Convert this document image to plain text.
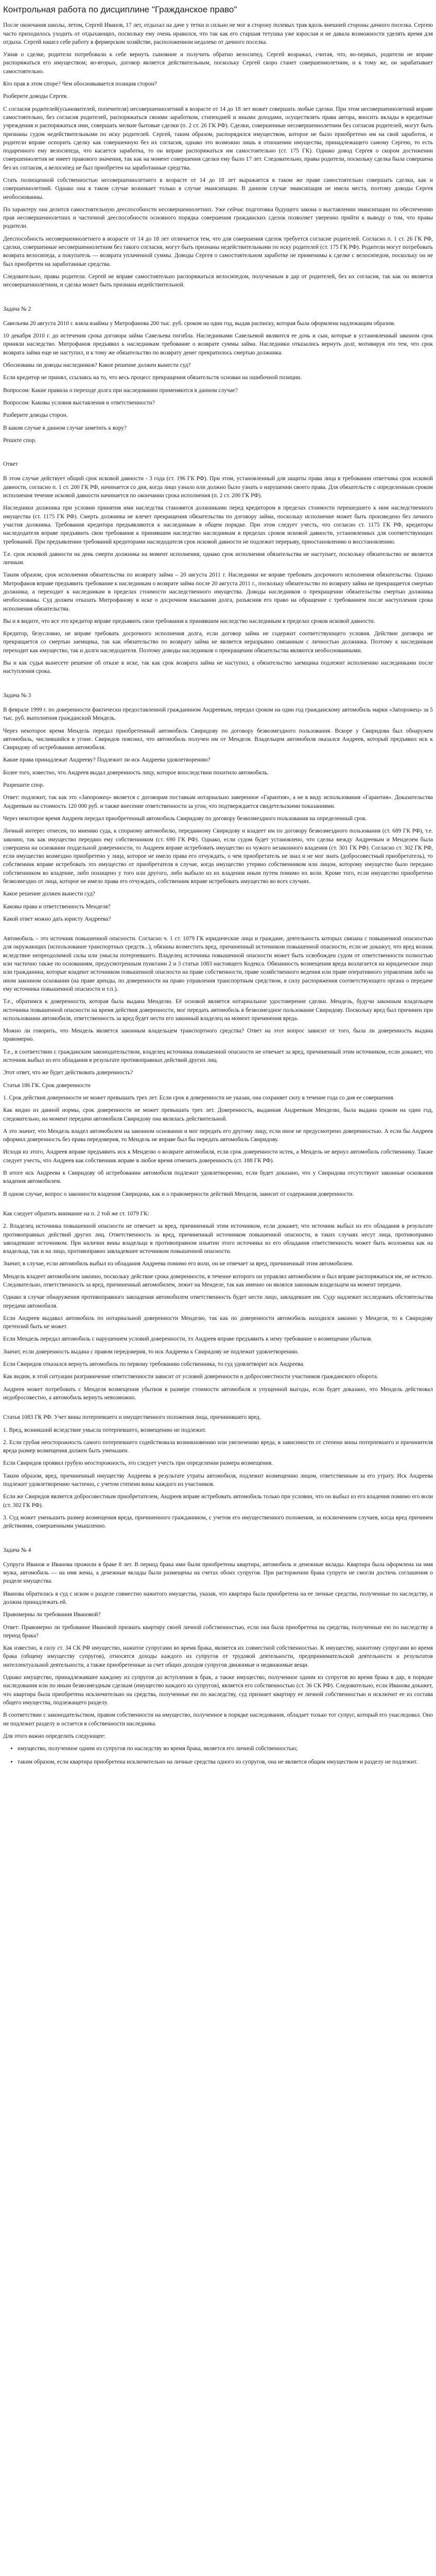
Контрольная работа по дисциплине "Гражданское право"

После окончания школы, летом, Сергей Иванов, 17 лет, отдыхал на даче у тетки и сильно не мог в сторону полевых трав вдоль внешней стороны дачного поселка. Сергею часто приходилось уходить от отдыхающих, поскольку ему очень нравился, что так как его старшая тетушка уже взрослая и не давала возможности уделять время для отдыха. Сергей нашел себе работу в фермерском хозяйстве, расположенном недалеко от дачного поселка.

Узнав о сделке, родители потребовали к себе вернуть сыновние и получить обратно велосипед. Сергей возражал, считая, что, во-первых, родители не вправе распоряжаться его имуществом; во-вторых, договор является действительным, поскольку Сергей скоро станет совершеннолетним, и к тому же, он зарабатывает самостоятельно.

Кто прав в этом споре? Чем обосновывается позиция сторон?

Разберите доводы Сергея.

С согласия родителей(усыновителей, попечителя) несовершеннолетний в возрасте от 14 до 18 лет может совершать любые сделки. При этом несовершеннолетний вправе самостоятельно, без согласия родителей, распоряжаться своими заработком, стипендией и иными доходами, осуществлять права автора, вносить вклады в кредитные учреждения и распоряжаться ими, совершать мелкие бытовые сделки (п. 2 ст. 26 ГК РФ). Сделки, совершенные несовершеннолетним без согласия родителей, могут быть признаны судом недействительными по иску родителей. Сергей, таким образом, распорядился имуществом, которое не было приобретено им на свой заработок, и родители вправе оспорить сделку как совершенную без их согласия, однако это возможно лишь в отношении имущества, принадлежащего самому Сергею, то есть подаренного ему велосипеда, что касается заработка, то он вправе распоряжаться им самостоятельно (ст. 175 ГК). Однако довод Сергея о скором достижении совершеннолетия не имеет правового значения, так как на момент совершения сделки ему было 17 лет. Следовательно, правы родители, поскольку сделка была совершена без их согласия, а велосипед не был приобретен на заработанные средства.

Стать полноценной собственностью несовершеннолетнего в возрасте от 14 до 18 лет выражается в таком же праве самостоятельно совершать сделки, как и совершеннолетний. Однако она в таком случае возникает только в случае эмансипации. В данном случае эмансипация не имела места, поэтому доводы Сергея необоснованны.

По характеру она делится самостоятельную дееспособности несовершеннолетних. Уже сейчас подготовка будущего закона о выставлении эмансипации по обеспечению прав несовершеннолетних и частичной дееспособности основного порядка совершения гражданских сделок позволяет уверенно прийти к выводу о том, что правы родители.

Дееспособность несовершеннолетнего в возрасте от 14 до 18 лет отличается тем, что для совершения сделок требуется согласие родителей. Согласно п. 1 ст. 26 ГК РФ, сделки, совершенные несовершеннолетним без такого согласия, могут быть признаны недействительными по иску родителей (ст. 175 ГК РФ). Родители могут потребовать возврата велосипеда, а покупатель — возврата уплаченной суммы. Доводы Сергея о самостоятельном заработке не применимы к сделке с велосипедом, поскольку он не был приобретен на заработанные средства.

Следовательно, правы родители. Сергей не вправе самостоятельно распоряжаться велосипедом, полученным в дар от родителей, без их согласия, так как он является несовершеннолетним, и сделка может быть признана недействительной.

Задача № 2

Савельева 20 августа 2010 г. взяла взаймы у Митрофанова 200 тыс. руб. сроком на один год, выдав расписку, которая была оформлена надлежащим образом.

10 декабря 2010 г. до истечения срока договора займа Савельева погибла. Наследниками Савельевой являются ее дочь и сын, которые в установленный законом срок приняли наследство. Митрофанов предъявил к наследникам требование о возврате суммы займа. Наследники отказались вернуть долг, мотивируя это тем, что срок возврата займа еще не наступил, и к тому же обязательство по возврату денег прекратилось смертью должника.

Обоснованы ли доводы наследников? Какое решение должен вынести суд?

Если кредитор не принял, ссылаясь на то, что весь процесс прекращения обязательств основан на ошибочной позиции.

Вопросом: Какие правила о переходе долга при наследовании применяются в данном случае?

Вопросом: Каковы условия выставления и ответственности?

Разберите доводы сторон.

В каком случае в данном случае заметить к вору?

Решите спор.

Ответ

В этом случае действует общий срок исковой давности - 3 года (ст. 196 ГК РФ). При этом, установленный для защиты права лица в требовании ответчика срок исковой давности, согласно п. 1 ст. 200 ГК РФ, начинается со дня, когда лицо узнало или должно было узнать о нарушении своего права. Для обязательств с определенным сроком исполнения течение исковой давности начинается по окончании срока исполнения (п. 2 ст. 200 ГК РФ).

Наследники должника при условии принятия ими наследства становятся должниками перед кредитором в пределах стоимости перешедшего к ним наследственного имущества (ст. 1175 ГК РФ). Смерть должника не влечет прекращения обязательства по договору займа, поскольку исполнение может быть произведено без личного участия должника. Требования кредитора предъявляются к наследникам в общем порядке. При этом следует учесть, что согласно ст. 1175 ГК РФ, кредиторы наследодателя вправе предъявить свои требования к принявшим наследство наследникам в пределах сроков исковой давности, установленных для соответствующих требований. При предъявлении требований кредиторами наследодателя срок исковой давности не подлежит перерыву, приостановлению и восстановлению.

Т.е. срок исковой давности на день смерти должника на момент исполнения, однако срок исполнения обязательства не наступает, поскольку обязательство не является личным.

Таким образом, срок исполнения обязательства по возврату займа – 20 августа 2011 г. Наследники не вправе требовать досрочного исполнения обязательства. Однако Митрофанов вправе предъявить требование к наследникам о возврате займа после 20 августа 2011 г., поскольку обязательство по возврату займа не прекращается смертью должника, а переходит к наследникам в пределах стоимости наследственного имущества. Доводы наследников о прекращении обязательства смертью должника необоснованы. Суд должен отказать Митрофанову в иске о досрочном взыскании долга, разъяснив его право на обращение с требованием после наступления срока исполнения обязательства.

Вы и я видите, что все это кредитор вправе предъявить свои требования к принявшим наследство наследникам в пределах сроков исковой давности.

Кредитор, безусловно, не вправе требовать досрочного исполнения долга, если договор займа не содержит соответствующего условия. Действие договора не прекращается со смертью заемщика, так как обязательство по возврату займа не является неразрывно связанным с личностью должника. Поэтому к наследникам переходит как имущество, так и долги наследодателя. Поэтому доводы наследников о прекращении обязательства являются необоснованными.

Вы и как судья вынесете решение об отказе в иске, так как срок возврата займа не наступил, а обязательство заемщика подлежит исполнению наследниками после наступления срока.

Задача № 3

В феврале 1999 г. по доверенности фактически предоставленной гражданином Андреевым, передал сроком на один год гражданскому автомобиль марки «Запорожец» за 5 тыс. руб. выполнения гражданский Мендель.

Через некоторое время Мендель передал приобретенный автомобиль Свиридову по договору безвозмездного пользования. Вскоре у Свиридова был обнаружен автомобиль, числившийся в угоне. Свиридов пояснил, что автомобиль получен им от Менделя. Владельцем автомобиля оказался Андреев, который предъявил иск к Свиридову об истребовании автомобиля.

Какие права принадлежат Андрееву? Подлежит ли иск Андреева удовлетворению?

Более того, известно, что Андреев выдал доверенность лицу, которое впоследствии похитило автомобиль.

Разрешите спор.

Ответ: подлежит, так как это «Запорожец» является с договорам поставкам нотариально заверенное «Гарантия», а не в виду использования «Гарантия». Доказательства Андреевым на стоимость 120 000 руб. и также внесение ответственности за угон, что подтверждается свидетельскими показаниями.

Через некоторое время Андреев передал приобретенный автомобиль Свиридову по договору безвозмездного пользования на определенный срок.

Личный интерес отнесен, по мнению суда, к спорному автомобилю, переданному Свиридову и владеет им по договору безвозмездного пользования (ст. 689 ГК РФ), т.е. законно, так как имущество передано ему собственником (ст. 690 ГК РФ). Однако, если судом будет установлено, что сделка между Андреевым и Менделем была совершена на основании поддельной доверенности, то Андреев вправе истребовать имущество из чужого незаконного владения (ст. 301 ГК РФ). Согласно ст. 302 ГК РФ, если имущество возмездно приобретено у лица, которое не имело права его отчуждать, о чем приобретатель не знал и не мог знать (добросовестный приобретатель), то собственник вправе истребовать это имущество от приобретателя в случае, когда имущество утеряно собственником или лицом, которому имущество было передано собственником во владение, либо похищено у того или другого, либо выбыло из их владения иным путем помимо их воли. Кроме того, если имущество приобретено безвозмездно от лица, которое не имело права его отчуждать, собственник вправе истребовать имущество во всех случаях.

Какое решение должен вынести суд?

Каковы права и ответственность Менделя?

Какой ответ можно дать юристу Андреева?

Автомобиль – это источник повышенной опасности. Согласно ч. 1 ст. 1079 ГК юридические лица и граждане, деятельность которых связана с повышенной опасностью для окружающих (использование транспортных средств...), обязаны возместить вред, причиненный источником повышенной опасности, если не докажут, что вред возник вследствие непреодолимой силы или умысла потерпевшего. Владелец источника повышенной опасности может быть освобожден судом от ответственности полностью или частично также по основаниям, предусмотренным пунктами 2 и 3 статьи 1083 настоящего Кодекса. Обязанность возмещения вреда возлагается на юридическое лицо или гражданина, которые владеют источником повышенной опасности на праве собственности, праве хозяйственного ведения или праве оперативного управления либо на ином законном основании (на праве аренды, по доверенности на право управления транспортным средством, в силу распоряжения соответствующего органа о передаче ему источника повышенной опасности и т.п.).

Т.е., обратимся к доверенности, которая была выдана Менделю. Её основой является нотариальное удостоверение сделки. Мендель, будучи законным владельцем источника повышенной опасности на время действия доверенности, мог передать автомобиль в безвозмездное пользование Свиридову. Поскольку вред был причинен при использовании автомобиля, ответственность за вред будет нести его законный владелец на момент причинения вреда.

Можно ли говорить, что Мендель является законным владельцем транспортного средства? Ответ на этот вопрос зависит от того, была ли доверенность выдана правомерно.

Т.е., в соответствии с гражданским законодательством, владелец источника повышенной опасности не отвечает за вред, причиненный этим источником, если докажет, что источник выбыл из его обладания в результате противоправных действий других лиц.

Этот ответ, что же будет действовать доверенность?

Статья 186 ГК. Срок доверенности

1. Срок действия доверенности не может превышать трех лет. Если срок в доверенности не указан, она сохраняет силу в течение года со дня ее совершения.

Как видно из данной нормы, срок доверенности не может превышать трех лет. Доверенность, выданная Андреевым Менделю, была выдана сроком на один год, следовательно, на момент передачи автомобиля Свиридову она являлась действительной.

А это значит, что Мендель владел автомобилем на законном основании и мог передать его другому лицу, если иное не предусмотрено доверенностью. А если бы Андреев оформил доверенность без права передоверия, то Мендель не вправе был бы передать автомобиль Свиридову.

Исходя из этого, Андреев вправе предъявить иск к Менделю о возврате автомобиля, если срок доверенности истек, а Мендель не вернул автомобиль собственнику. Также следует учесть, что Андреев как собственник вправе в любое время отменить доверенность (ст. 188 ГК РФ).

В итоге иск Андреева к Свиридову об истребовании автомобиля подлежит удовлетворению, если будет доказано, что у Свиридова отсутствуют законные основания владения автомобилем.

В одном случае, вопрос о законности владения Свиридова, как и о правомерности действий Менделя, зависит от содержания доверенности.

Как следует обратить внимание на п. 2 той же ст. 1079 ГК:

2. Владелец источника повышенной опасности не отвечает за вред, причиненный этим источником, если докажет, что источник выбыл из его обладания в результате противоправных действий других лиц. Ответственность за вред, причиненный источником повышенной опасности, в таких случаях несут лица, противоправно завладевшие источником. При наличии вины владельца в противоправном изъятии этого источника из его обладания ответственность может быть возложена как на владельца, так и на лицо, противоправно завладевшее источником повышенной опасности.

Значит, в случае, если автомобиль выбыл из обладания Андреева помимо его воли, он не отвечает за вред, причиненный этим автомобилем.

Мендель владеет автомобилем законно, поскольку действие срока доверенности, в течение которого он управлял автомобилем и был вправе распоряжаться им, не истекло. Следовательно, ответственность за вред, причиненный автомобилем, лежит на Менделе, так как именно он являлся законным владельцем на момент передачи.

Однако в случае обнаружения противоправного завладения автомобилем ответственность будет нести лицо, завладевшее им. Суду надлежит исследовать обстоятельства передачи автомобиля.

Если Андреев выдавал автомобиль по нотариальной доверенности Менделю, так как по доверенности автомобиль находился законно у Менделя, то к Свиридову претензий быть не может.

Если Мендель передал автомобиль с нарушением условий доверенности, то Андреев вправе предъявить к нему требование о возмещении убытков.

Значит, если доверенность выдана с правом передоверия, то иск Андреева к Свиридову не подлежит удовлетворению.

Если Свиридов отказался вернуть автомобиль по первому требованию собственника, то суд удовлетворит иск Андреева.

Как видим, в этой ситуации разграничение ответственности зависит от условий доверенности и добросовестности участников гражданского оборота.

Андреев может потребовать с Менделя возмещения убытков в размере стоимости автомобиля и упущенной выгоды, если будет доказано, что Мендель действовал недобросовестно, а автомобиль вернуть невозможно.

Статья 1083 ГК РФ. Учет вины потерпевшего и имущественного положения лица, причинившего вред.

1. Вред, возникший вследствие умысла потерпевшего, возмещению не подлежит.

2. Если грубая неосторожность самого потерпевшего содействовала возникновению или увеличению вреда, в зависимости от степени вины потерпевшего и причинителя вреда размер возмещения должен быть уменьшен.

Если Свиридов проявил грубую неосторожность, это следует учесть при определении размера возмещения.

Таким образом, вред, причиненный имуществу Андреева в результате утраты автомобиля, подлежит возмещению лицом, ответственным за его утрату. Иск Андреева подлежит удовлетворению частично, с учетом степени вины каждого из участников.

Если же Свиридов является добросовестным приобретателем, Андреев вправе истребовать автомобиль только при условии, что он выбыл из его владения помимо его воли (ст. 302 ГК РФ).

3. Суд может уменьшить размер возмещения вреда, причиненного гражданином, с учетом его имущественного положения, за исключением случаев, когда вред причинен действиями, совершенными умышленно.

Задача № 4

Супруги Иванов и Ивановa прожили в браке 8 лет. В период брака ими были приобретены квартира, автомобиль и денежные вклады. Квартира была оформлена на имя мужа, автомобиль — на имя жены, а денежные вклады были размещены на счетах обоих супругов. При расторжении брака супруги не смогли достичь соглашения о разделе имущества.

Иванова обратилась в суд с иском о разделе совместно нажитого имущества, указав, что квартира была приобретена на ее личные средства, полученные по наследству, и должна принадлежать ей.

Правомерны ли требования Ивановой?

Ответ: Правомерно ли требование Ивановой признать квартиру своей личной собственностью, если она была приобретена на средства, полученные ею по наследству в период брака?

Как известно, в силу ст. 34 СК РФ имущество, нажитое супругами во время брака, является их совместной собственностью. К имуществу, нажитому супругами во время брака (общему имуществу супругов), относятся доходы каждого из супругов от трудовой деятельности, предпринимательской деятельности и результатов интеллектуальной деятельности, а также приобретенные за счет общих доходов супругов движимые и недвижимые вещи.

Однако имущество, принадлежавшее каждому из супругов до вступления в брак, а также имущество, полученное одним из супругов во время брака в дар, в порядке наследования или по иным безвозмездным сделкам (имущество каждого из супругов), является его собственностью (ст. 36 СК РФ). Следовательно, если Иванова докажет, что квартира была приобретена исключительно на средства, полученные ею по наследству, суд признает квартиру ее личной собственностью и исключит ее из состава общего имущества, подлежащего разделу.

В соответствии с законодательством, правом собственности на имущество, полученное в порядке наследования, обладает только тот супруг, который его унаследовал. Оно не подлежит разделу и остается в собственности наследника.

Для этого важно определить следующее:

• имущество, полученное одним из супругов по наследству во время брака, является его личной собственностью;
• таким образом, если квартира приобретена исключительно на личные средства одного из супругов, она не является общим имуществом и разделу не подлежит.
